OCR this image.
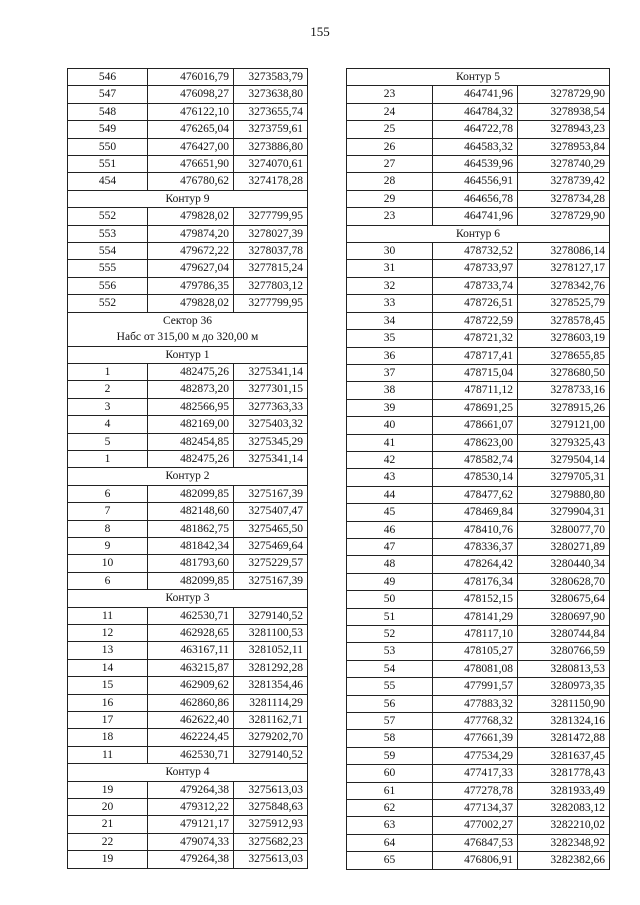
155
546	476016,79	3273583,79
547	476098,27	3273638,80
548	476122,10	3273655,74
549	476265,04	3273759,61
550	476427,00	3273886,80
551	476651,90	3274070,61
454	476780,62	3274178,28
Контур 9		
552	479828,02	3277799,95
553	479874,20	3278027,39
554	479672,22	3278037,78
555	479627,04	3277815,24
556	479786,35	3277803,12
552	479828,02	3277799,95
Сектор 36		
Набс от 315,00 м до 320,00 м		
Контур 1		
1	482475,26	3275341,14
2	482873,20	3277301,15
3	482566,95	3277363,33
4	482169,00	3275403,32
5	482454,85	3275345,29
1	482475,26	3275341,14
Контур 2		
6	482099,85	3275167,39
7	482148,60	3275407,47
8	481862,75	3275465,50
9	481842,34	3275469,64
10	481793,60	3275229,57
6	482099,85	3275167,39
Контур 3		
11	462530,71	3279140,52
12	462928,65	3281100,53
13	463167,11	3281052,11
14	463215,87	3281292,28
15	462909,62	3281354,46
16	462860,86	3281114,29
17	462622,40	3281162,71
18	462224,45	3279202,70
11	462530,71	3279140,52
Контур 4		
19	479264,38	3275613,03
20	479312,22	3275848,63
21	479121,17	3275912,93
22	479074,33	3275682,23
19	479264,38	3275613,03
Контур 5		
23	464741,96	3278729,90
24	464784,32	3278938,54
25	464722,78	3278943,23
26	464583,32	3278953,84
27	464539,96	3278740,29
28	464556,91	3278739,42
29	464656,78	3278734,28
23	464741,96	3278729,90
Контур 6		
30	478732,52	3278086,14
31	478733,97	3278127,17
32	478733,74	3278342,76
33	478726,51	3278525,79
34	478722,59	3278578,45
35	478721,32	3278603,19
36	478717,41	3278655,85
37	478715,04	3278680,50
38	478711,12	3278733,16
39	478691,25	3278915,26
40	478661,07	3279121,00
41	478623,00	3279325,43
42	478582,74	3279504,14
43	478530,14	3279705,31
44	478477,62	3279880,80
45	478469,84	3279904,31
46	478410,76	3280077,70
47	478336,37	3280271,89
48	478264,42	3280440,34
49	478176,34	3280628,70
50	478152,15	3280675,64
51	478141,29	3280697,90
52	478117,10	3280744,84
53	478105,27	3280766,59
54	478081,08	3280813,53
55	477991,57	3280973,35
56	477883,32	3281150,90
57	477768,32	3281324,16
58	477661,39	3281472,88
59	477534,29	3281637,45
60	477417,33	3281778,43
61	477278,78	3281933,49
62	477134,37	3282083,12
63	477002,27	3282210,02
64	476847,53	3282348,92
65	476806,91	3282382,66
